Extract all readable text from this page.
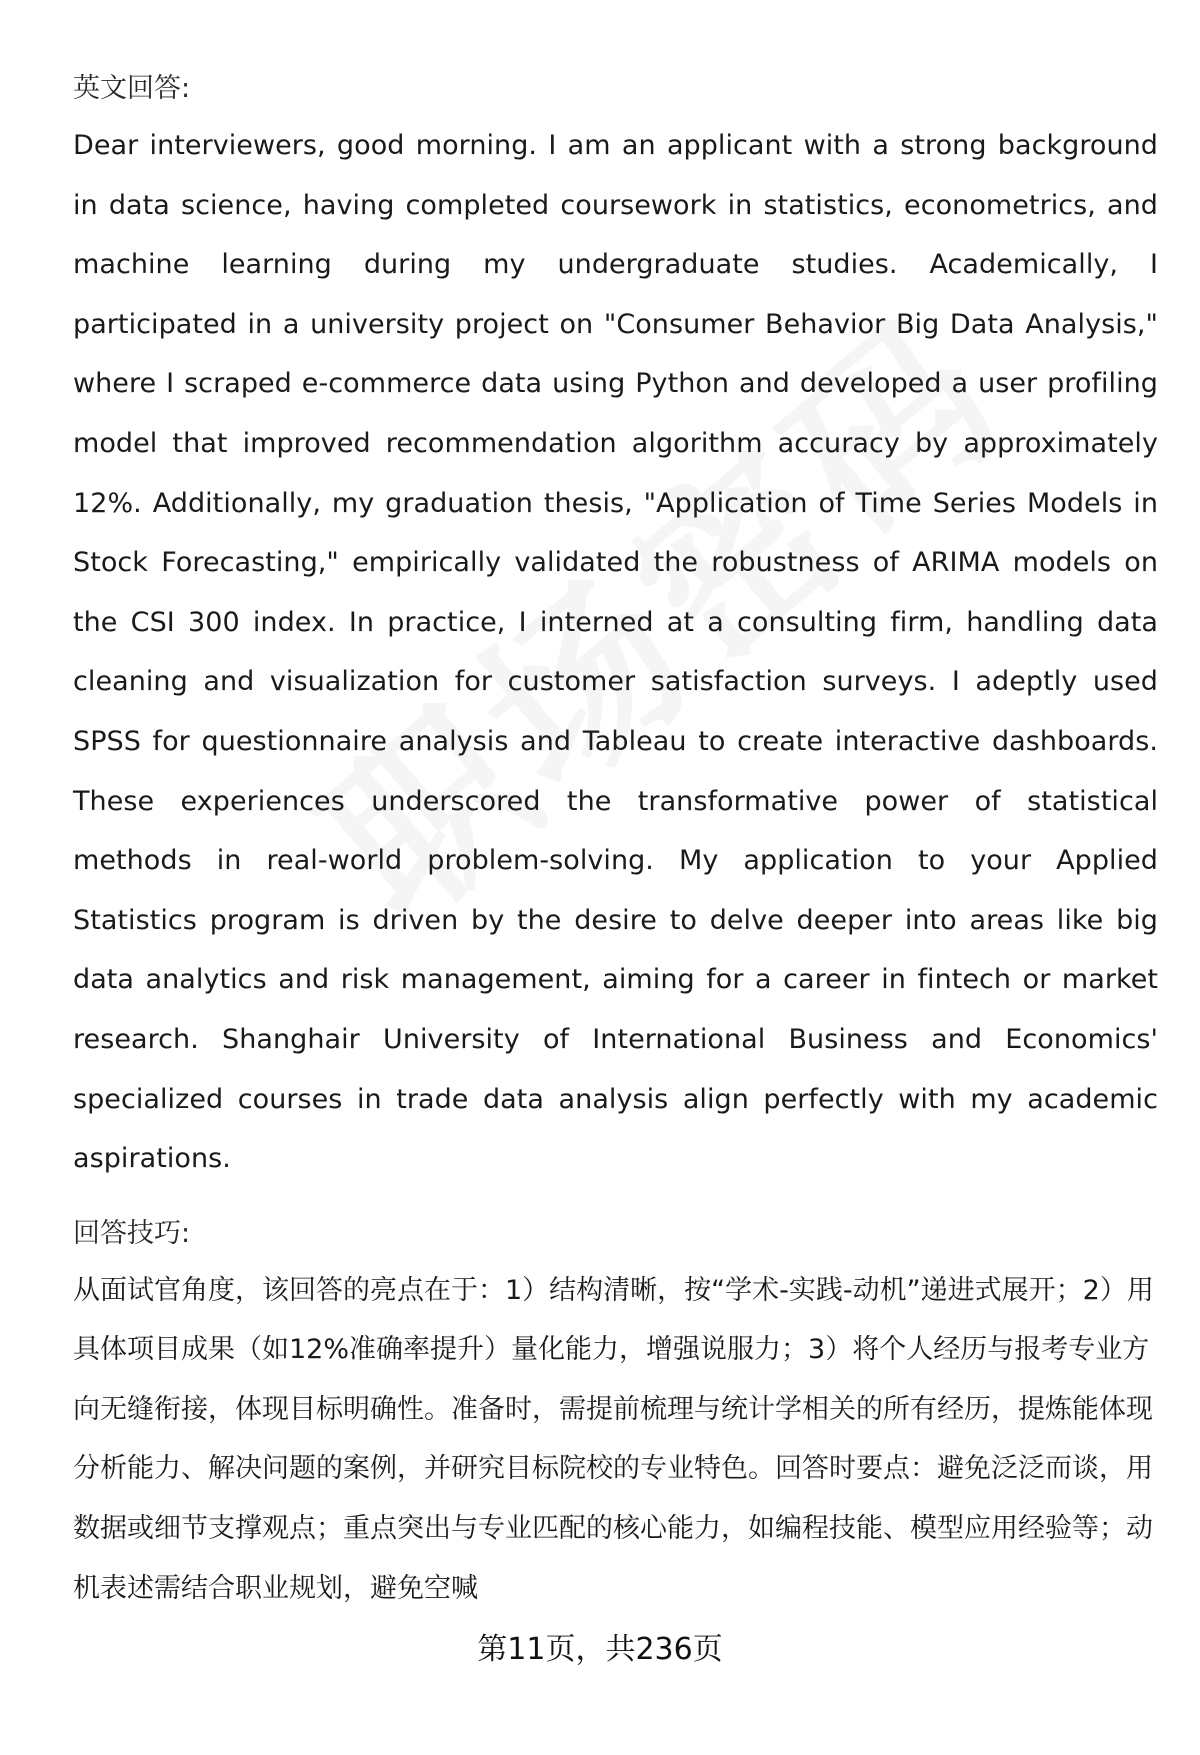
英文回答:

Dear interviewers, good morning. I am an applicant with a strong background in data science, having completed coursework in statistics, econometrics, and machine learning during my undergraduate studies. Academically, I participated in a university project on "Consumer Behavior Big Data Analysis," where I scraped e-commerce data using Python and developed a user profiling model that improved recommendation algorithm accuracy by approximately 12%. Additionally, my graduation thesis, "Application of Time Series Models in Stock Forecasting," empirically validated the robustness of ARIMA models on the CSI 300 index. In practice, I interned at a consulting firm, handling data cleaning and visualization for customer satisfaction surveys. I adeptly used SPSS for questionnaire analysis and Tableau to create interactive dashboards. These experiences underscored the transformative power of statistical methods in real-world problem-solving. My application to your Applied Statistics program is driven by the desire to delve deeper into areas like big data analytics and risk management, aiming for a career in fintech or market research. Shanghair University of International Business and Economics' specialized courses in trade data analysis align perfectly with my academic aspirations.

回答技巧:

从面试官角度，该回答的亮点在于：1）结构清晰，按“学术-实践-动机”递进式展开；2）用具体项目成果（如12%准确率提升）量化能力，增强说服力；3）将个人经历与报考专业方向无缝衔接，体现目标明确性。准备时，需提前梳理与统计学相关的所有经历，提炼能体现分析能力、解决问题的案例，并研究目标院校的专业特色。回答时要点：避免泛泛而谈，用数据或细节支撑观点；重点突出与专业匹配的核心能力，如编程技能、模型应用经验等；动机表述需结合职业规划，避免空喊

第11页，共236页
